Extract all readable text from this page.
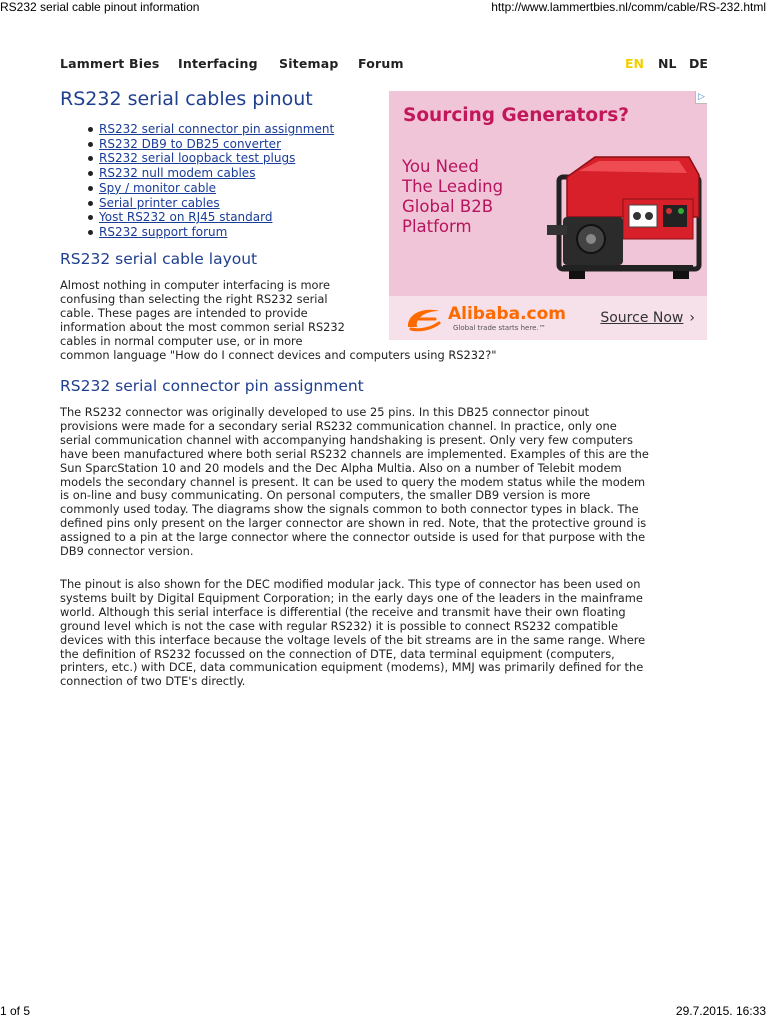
RS232 serial cable pinout information	http://www.lammertbies.nl/comm/cable/RS-232.html
Lammert Bies Interfacing Sitemap Forum	EN NL DE
RS232 serial cables pinout
RS232 serial connector pin assignment
RS232 DB9 to DB25 converter
RS232 serial loopback test plugs
RS232 null modem cables
Spy / monitor cable
Serial printer cables
Yost RS232 on RJ45 standard
RS232 support forum
RS232 serial cable layout
Almost nothing in computer interfacing is more
confusing than selecting the right RS232 serial
cable. These pages are intended to provide
information about the most common serial RS232
cables in normal computer use, or in more
common language "How do I connect devices and computers using RS232?"
RS232 serial connector pin assignment
The RS232 connector was originally developed to use 25 pins. In this DB25 connector pinout
provisions were made for a secondary serial RS232 communication channel. In practice, only one
serial communication channel with accompanying handshaking is present. Only very few computers
have been manufactured where both serial RS232 channels are implemented. Examples of this are the
Sun SparcStation 10 and 20 models and the Dec Alpha Multia. Also on a number of Telebit modem
models the secondary channel is present. It can be used to query the modem status while the modem
is on-line and busy communicating. On personal computers, the smaller DB9 version is more
commonly used today. The diagrams show the signals common to both connector types in black. The
defined pins only present on the larger connector are shown in red. Note, that the protective ground is
assigned to a pin at the large connector where the connector outside is used for that purpose with the
DB9 connector version.
The pinout is also shown for the DEC modified modular jack. This type of connector has been used on
systems built by Digital Equipment Corporation; in the early days one of the leaders in the mainframe
world. Although this serial interface is differential (the receive and transmit have their own floating
ground level which is not the case with regular RS232) it is possible to connect RS232 compatible
devices with this interface because the voltage levels of the bit streams are in the same range. Where
the definition of RS232 focussed on the connection of DTE, data terminal equipment (computers,
printers, etc.) with DCE, data communication equipment (modems), MMJ was primarily defined for the
connection of two DTE's directly.
▷
Sourcing Generators?
You Need
The Leading
Global B2B
Platform
Alibaba.com
Global trade starts here.™
Source Now ›
1 of 5	29.7.2015. 16:33
